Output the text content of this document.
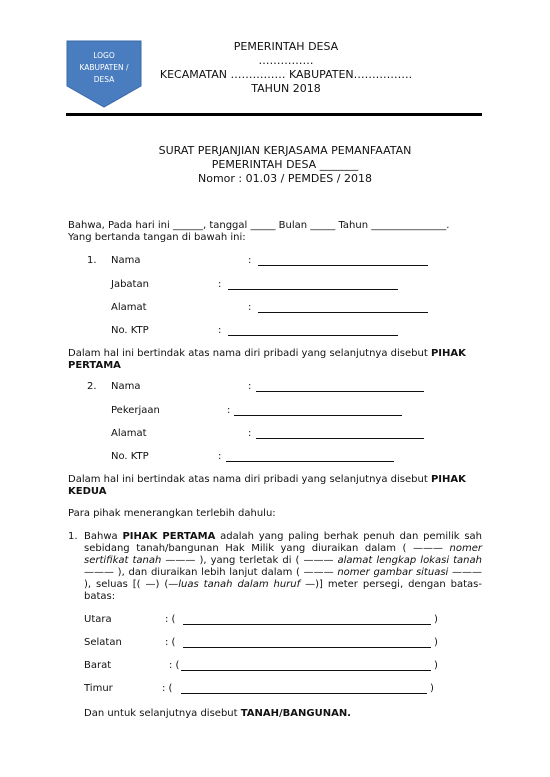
LOGO
KABUPATEN /
DESA
PEMERINTAH DESA
……………
KECAMATAN …………… KABUPATEN…………….
TAHUN 2018
SURAT PERJANJIAN KERJASAMA PEMANFAATAN
PEMERINTAH DESA _______
Nomor : 01.03 / PEMDES / 2018
Bahwa, Pada hari ini ______, tanggal _____ Bulan _____ Tahun _______________.
Yang bertanda tangan di bawah ini:
1. Nama	:
Jabatan	:
Alamat	:
No. KTP	:
Dalam hal ini bertindak atas nama diri pribadi yang selanjutnya disebut PIHAK PERTAMA
2. Nama	:
Pekerjaan	:
Alamat	:
No. KTP	:
Dalam hal ini bertindak atas nama diri pribadi yang selanjutnya disebut PIHAK KEDUA
Para pihak menerangkan terlebih dahulu:
1. Bahwa PIHAK PERTAMA adalah yang paling berhak penuh dan pemilik sah sebidang tanah/bangunan Hak Milik yang diuraikan dalam ( ——— nomer sertifikat tanah ——— ), yang terletak di ( ——— alamat lengkap lokasi tanah ——— ), dan diuraikan lebih lanjut dalam ( ——— nomer gambar situasi ——— ), seluas [( —) (—luas tanah dalam huruf —)] meter persegi, dengan batas-batas:
Utara	: (	)
Selatan	: (	)
Barat	: (	)
Timur	: (	)
Dan untuk selanjutnya disebut TANAH/BANGUNAN.
